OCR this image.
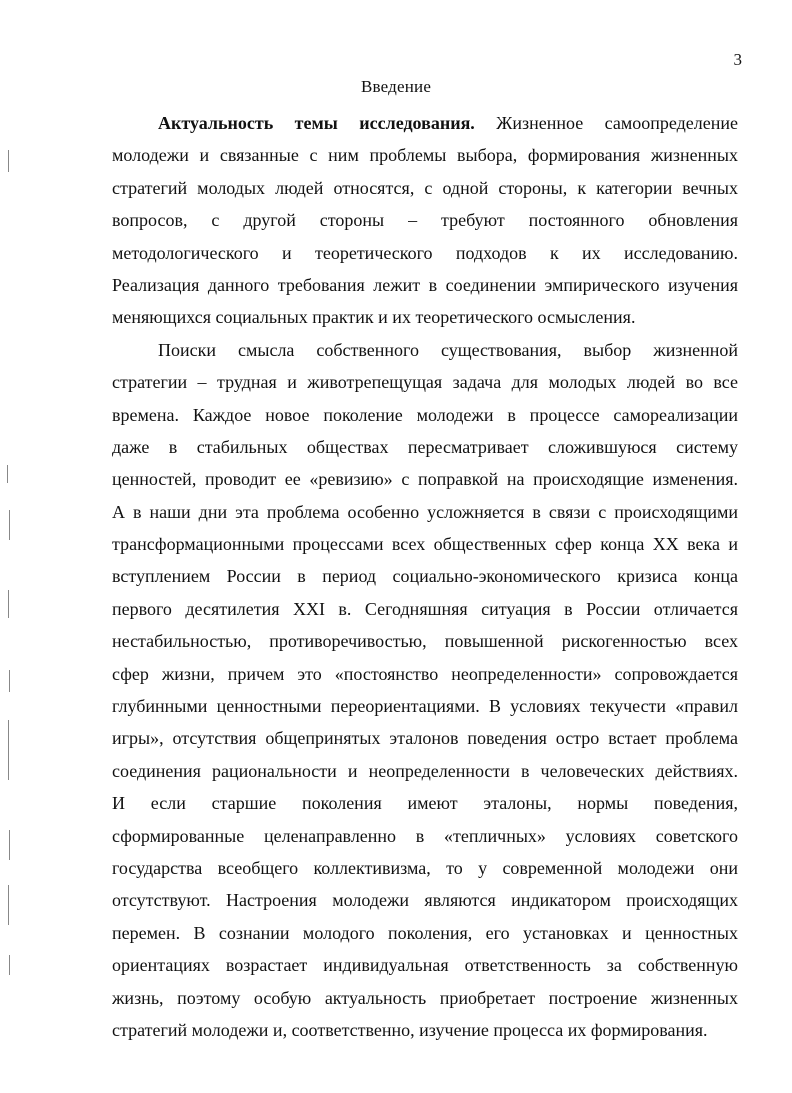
3
Введение
Актуальность темы исследования. Жизненное самоопределение
молодежи и связанные с ним проблемы выбора, формирования жизненных
стратегий молодых людей относятся, с одной стороны, к категории вечных
вопросов, с другой стороны – требуют постоянного обновления
методологического и теоретического подходов к их исследованию.
Реализация данного требования лежит в соединении эмпирического изучения
меняющихся социальных практик и их теоретического осмысления.
Поиски смысла собственного существования, выбор жизненной
стратегии – трудная и животрепещущая задача для молодых людей во все
времена. Каждое новое поколение молодежи в процессе самореализации
даже в стабильных обществах пересматривает сложившуюся систему
ценностей, проводит ее «ревизию» с поправкой на происходящие изменения.
А в наши дни эта проблема особенно усложняется в связи с происходящими
трансформационными процессами всех общественных сфер конца XX века и
вступлением России в период социально-экономического кризиса конца
первого десятилетия XXI в. Сегодняшняя ситуация в России отличается
нестабильностью, противоречивостью, повышенной рискогенностью всех
сфер жизни, причем это «постоянство неопределенности» сопровождается
глубинными ценностными переориентациями. В условиях текучести «правил
игры», отсутствия общепринятых эталонов поведения остро встает проблема
соединения рациональности и неопределенности в человеческих действиях.
И если старшие поколения имеют эталоны, нормы поведения,
сформированные целенаправленно в «тепличных» условиях советского
государства всеобщего коллективизма, то у современной молодежи они
отсутствуют. Настроения молодежи являются индикатором происходящих
перемен. В сознании молодого поколения, его установках и ценностных
ориентациях возрастает индивидуальная ответственность за собственную
жизнь, поэтому особую актуальность приобретает построение жизненных
стратегий молодежи и, соответственно, изучение процесса их формирования.
